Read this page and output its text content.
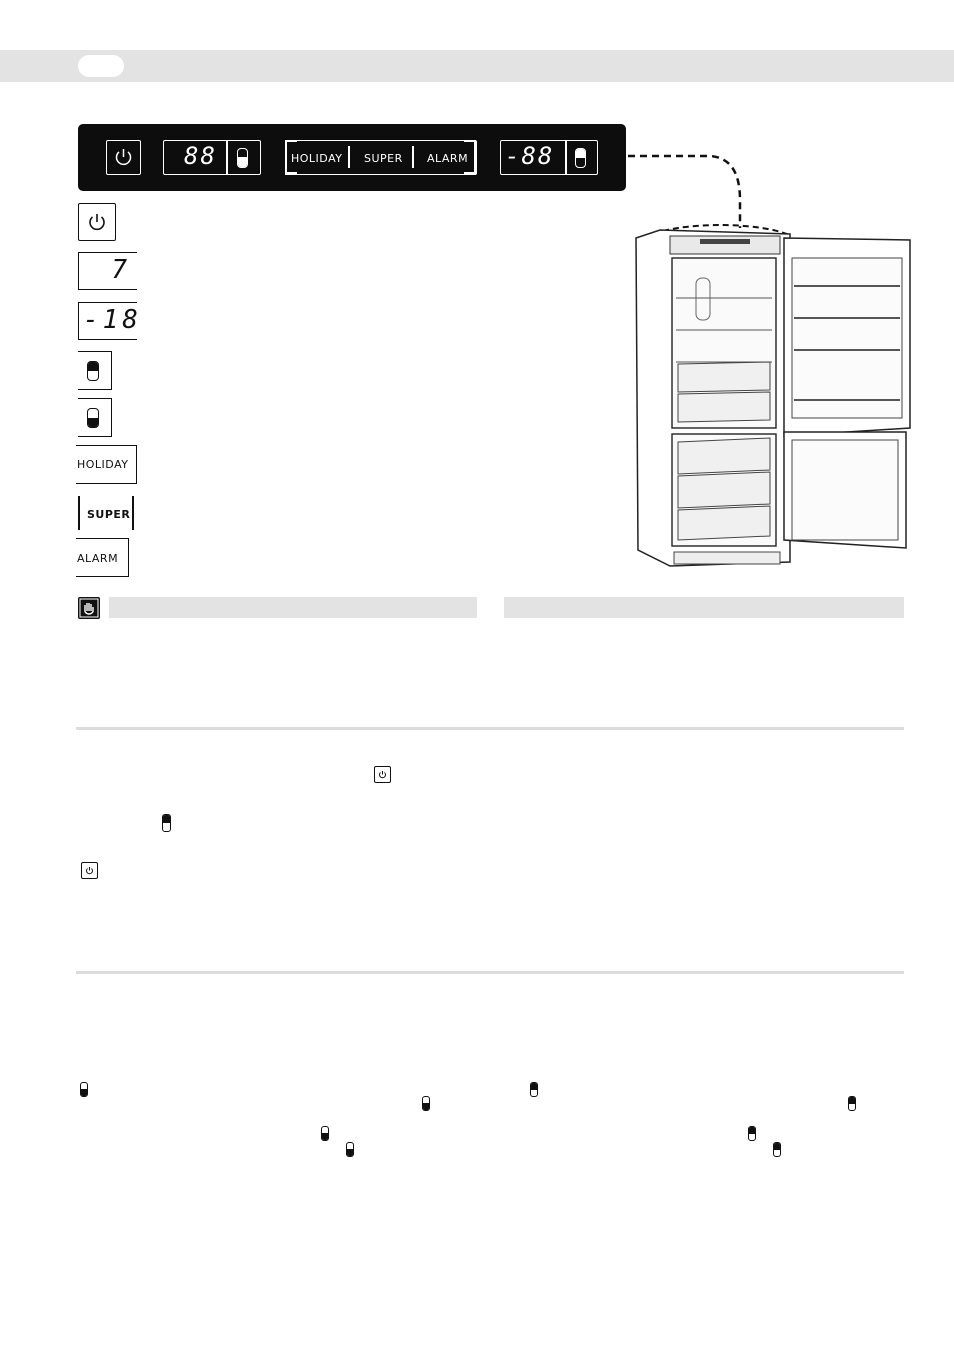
88	HOLIDAY SUPER ALARM -88
7
-18
HOLIDAY
SUPER
ALARM
